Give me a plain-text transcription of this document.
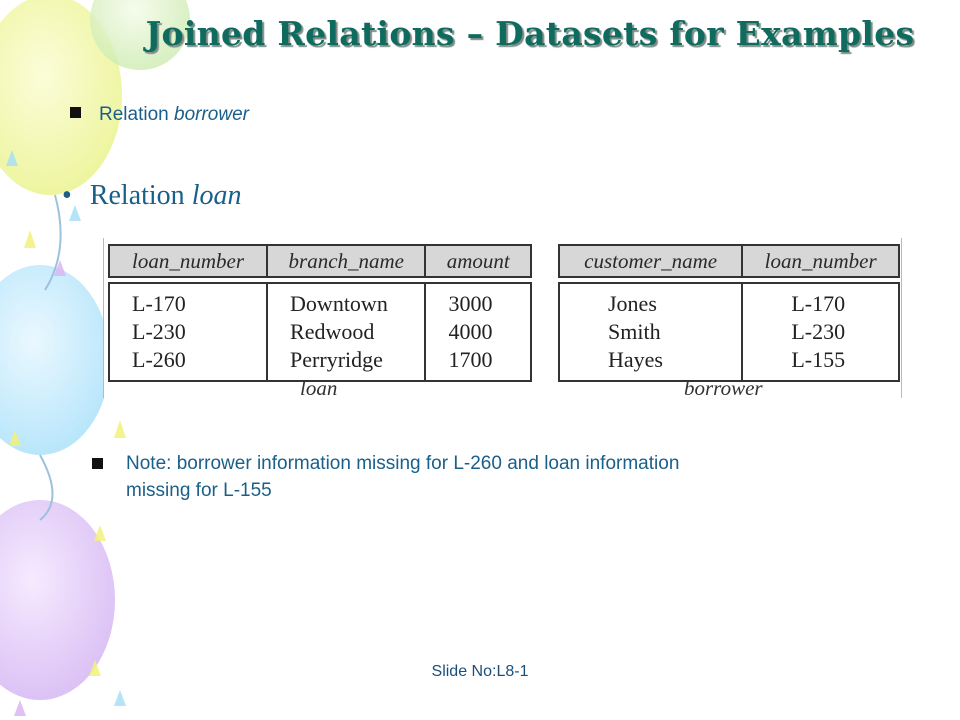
Joined Relations – Datasets for Examples
Relation borrower
• Relation loan
loan_number	branch_name	amount

L-170	Downtown	3000
L-230	Redwood	4000
L-260	Perryridge	1700
loan
customer_name	loan_number

Jones	L-170
Smith	L-230
Hayes	L-155
borrower
Note: borrower information missing for L-260 and loan information missing for L-155
Slide No:L8-1
